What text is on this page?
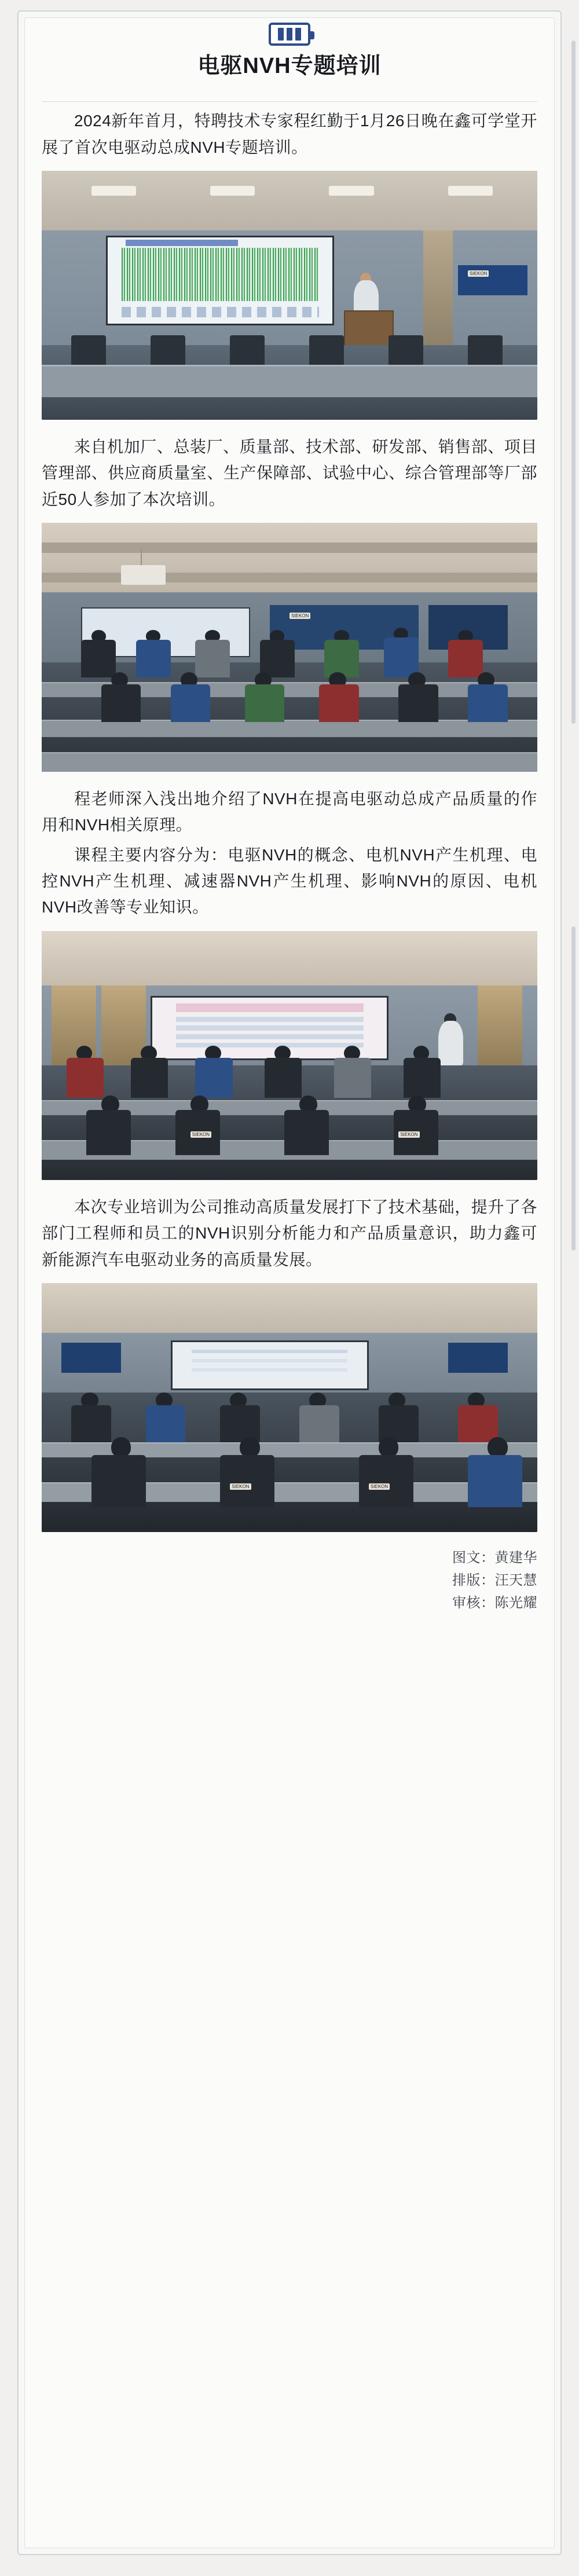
电驱NVH专题培训

2024新年首月，特聘技术专家程红勤于1月26日晚在鑫可学堂开展了首次电驱动总成NVH专题培训。

SIEKON

来自机加厂、总装厂、质量部、技术部、研发部、销售部、项目管理部、供应商质量室、生产保障部、试验中心、综合管理部等厂部近50人参加了本次培训。

SIEKON

程老师深入浅出地介绍了NVH在提高电驱动总成产品质量的作用和NVH相关原理。

课程主要内容分为：电驱NVH的概念、电机NVH产生机理、电控NVH产生机理、减速器NVH产生机理、影响NVH的原因、电机NVH改善等专业知识。

SIEKON	SIEKON

本次专业培训为公司推动高质量发展打下了技术基础，提升了各部门工程师和员工的NVH识别分析能力和产品质量意识，助力鑫可新能源汽车电驱动业务的高质量发展。

SIEKON	SIEKON
图文：黄建华
排版：汪天慧
审核：陈光耀
